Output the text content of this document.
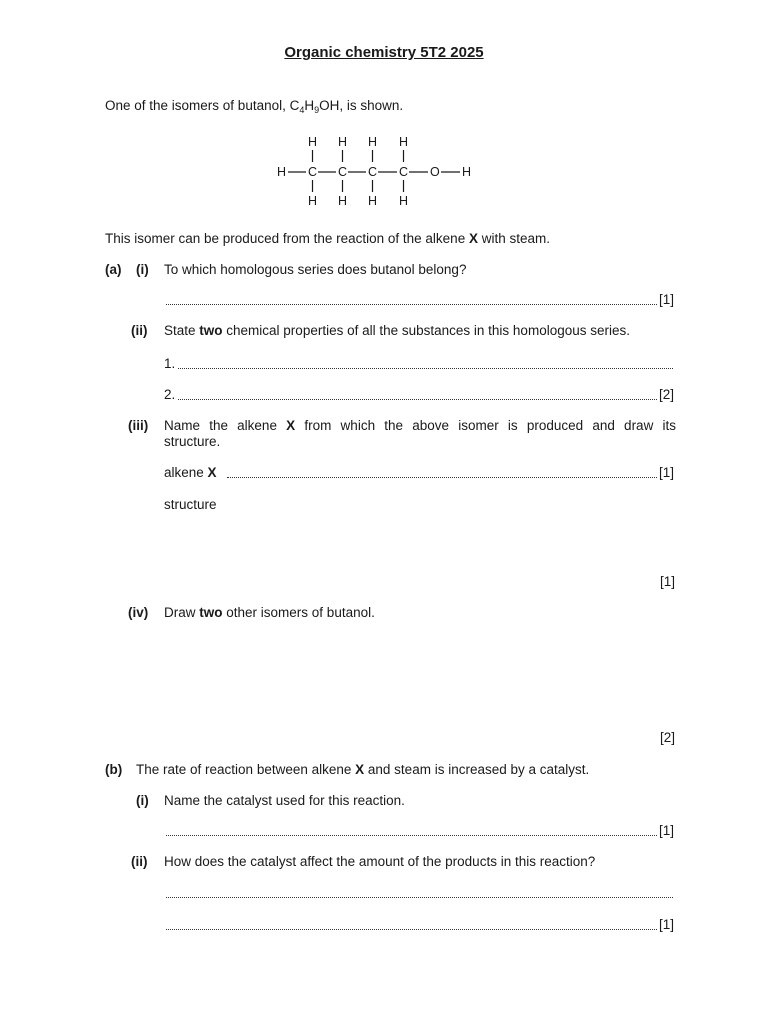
Organic chemistry 5T2 2025
One of the isomers of butanol, $C_4H_9OH$, is shown.
H H H H
H C C C C O H
H H H H
This isomer can be produced from the reaction of the alkene X with steam.
(a) (i) To which homologous series does butanol belong?
[1]
(ii) State two chemical properties of all the substances in this homologous series.
1.
2.	[2]
(iii) Name the alkene X from which the above isomer is produced and draw its
structure.
alkene X	[1]
structure
[1]
(iv) Draw two other isomers of butanol.
[2]
(b) The rate of reaction between alkene X and steam is increased by a catalyst.
(i) Name the catalyst used for this reaction.
[1]
(ii) How does the catalyst affect the amount of the products in this reaction?
[1]
